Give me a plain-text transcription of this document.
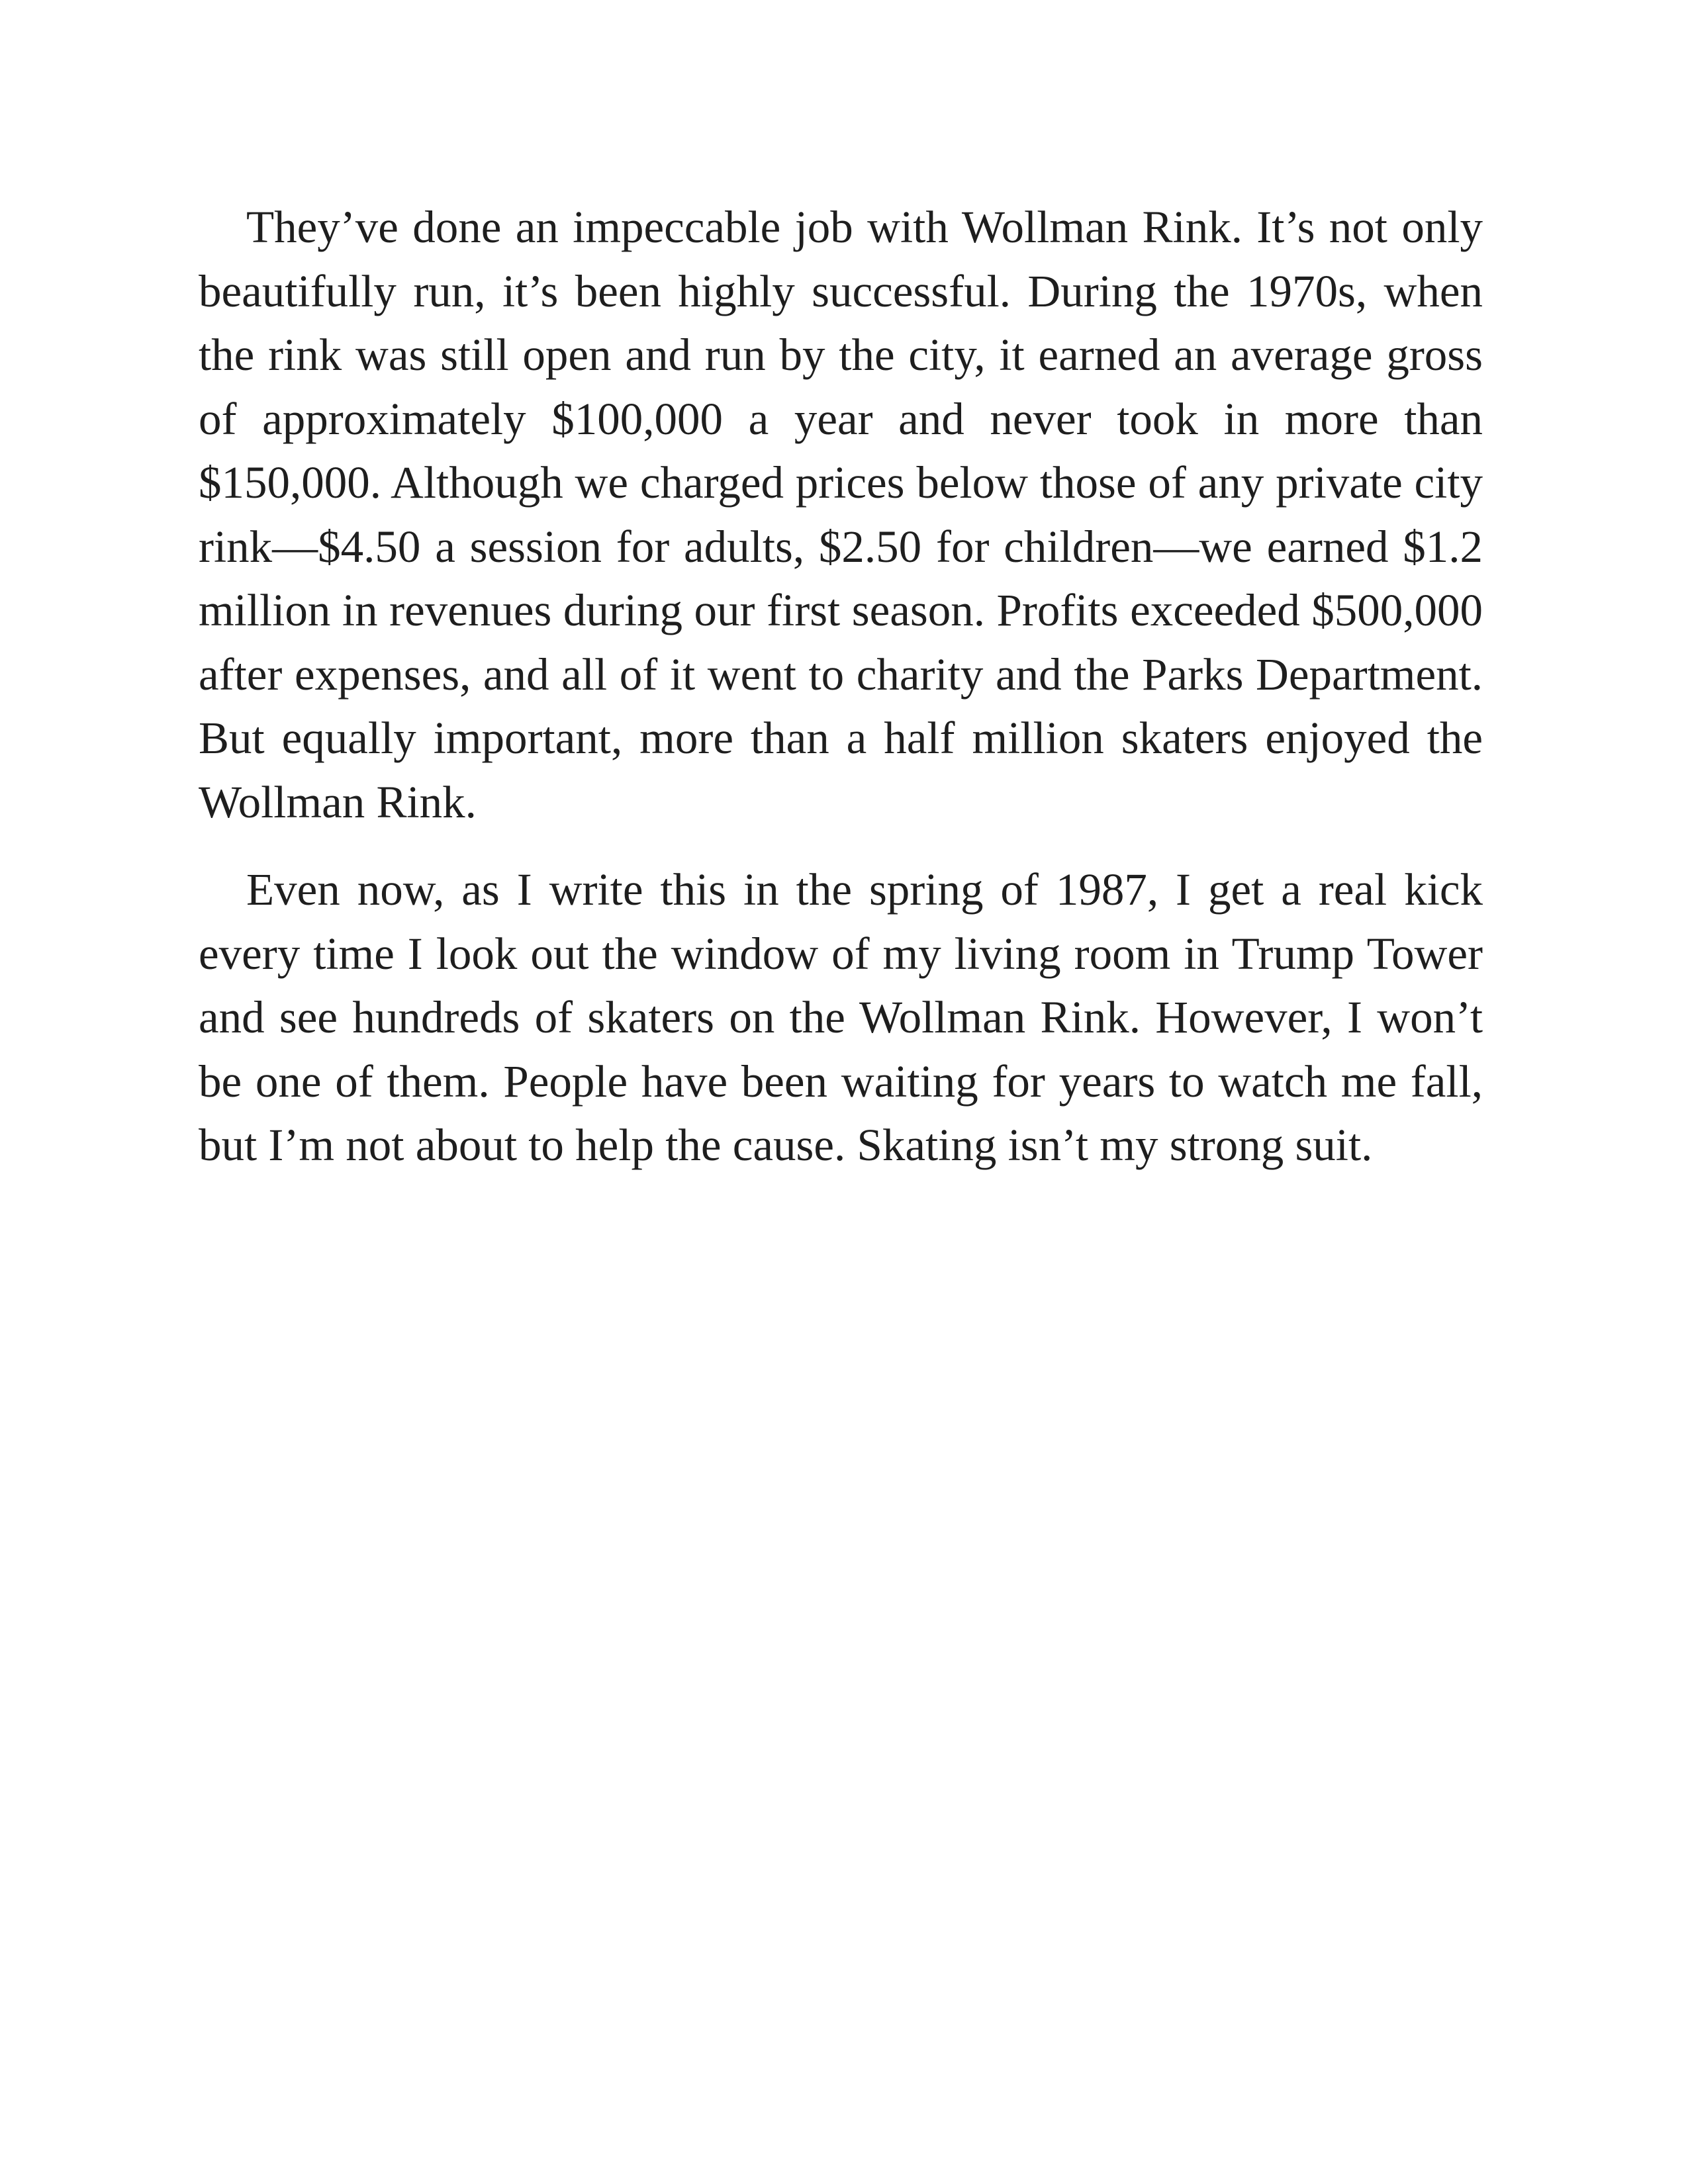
They’ve done an impeccable job with Wollman Rink. It’s not only beautifully run, it’s been highly successful. During the 1970s, when the rink was still open and run by the city, it earned an average gross of approximately $100,000 a year and never took in more than $150,000. Although we charged prices below those of any private city rink—$4.50 a session for adults, $2.50 for children—we earned $1.2 million in revenues during our first season. Profits exceeded $500,000 after expenses, and all of it went to charity and the Parks Department. But equally important, more than a half million skaters enjoyed the Wollman Rink.

Even now, as I write this in the spring of 1987, I get a real kick every time I look out the window of my living room in Trump Tower and see hundreds of skaters on the Wollman Rink. However, I won’t be one of them. People have been waiting for years to watch me fall, but I’m not about to help the cause. Skating isn’t my strong suit.
